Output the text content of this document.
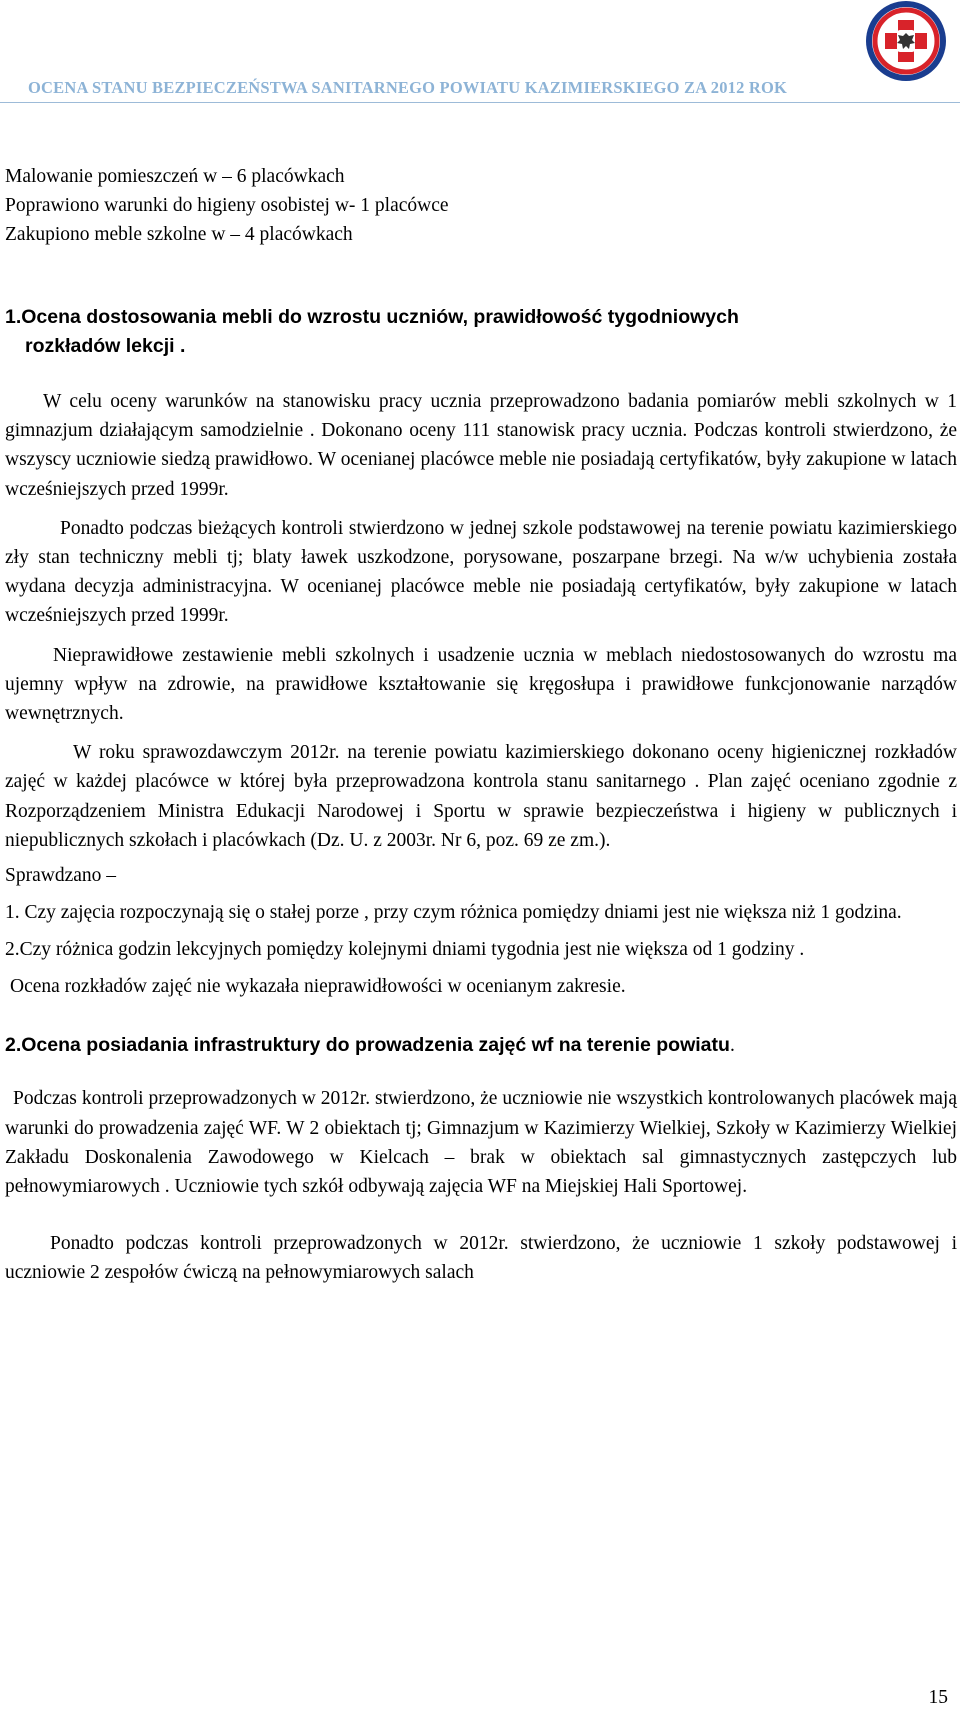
OCENA STANU BEZPIECZEŃSTWA SANITARNEGO POWIATU KAZIMIERSKIEGO ZA 2012 ROK

Malowanie pomieszczeń w – 6 placówkach

Poprawiono warunki do higieny osobistej w- 1 placówce

Zakupiono meble szkolne w – 4 placówkach

1.Ocena dostosowania mebli do wzrostu uczniów, prawidłowość tygodniowych

rozkładów lekcji .

W celu oceny warunków na stanowisku pracy ucznia przeprowadzono badania pomiarów mebli szkolnych w 1 gimnazjum działającym samodzielnie . Dokonano oceny 111 stanowisk pracy ucznia. Podczas kontroli stwierdzono, że wszyscy uczniowie siedzą prawidłowo. W ocenianej placówce meble nie posiadają certyfikatów, były zakupione w latach wcześniejszych przed 1999r.

Ponadto podczas bieżących kontroli stwierdzono w jednej szkole podstawowej na terenie powiatu kazimierskiego zły stan techniczny mebli tj; blaty ławek uszkodzone, porysowane, poszarpane brzegi. Na w/w uchybienia została wydana decyzja administracyjna. W ocenianej placówce meble nie posiadają certyfikatów, były zakupione w latach wcześniejszych przed 1999r.

Nieprawidłowe zestawienie mebli szkolnych i usadzenie ucznia w meblach niedostosowanych do wzrostu ma ujemny wpływ na zdrowie, na prawidłowe kształtowanie się kręgosłupa i prawidłowe funkcjonowanie narządów wewnętrznych.

W roku sprawozdawczym 2012r. na terenie powiatu kazimierskiego dokonano oceny higienicznej rozkładów zajęć w każdej placówce w której była przeprowadzona kontrola stanu sanitarnego . Plan zajęć oceniano zgodnie z Rozporządzeniem Ministra Edukacji Narodowej i Sportu w sprawie bezpieczeństwa i higieny w publicznych i niepublicznych szkołach i placówkach (Dz. U. z 2003r. Nr 6, poz. 69 ze zm.).

Sprawdzano –

1. Czy zajęcia rozpoczynają się o stałej porze , przy czym różnica pomiędzy dniami jest nie większa niż 1 godzina.

2.Czy różnica godzin lekcyjnych pomiędzy kolejnymi dniami tygodnia jest nie większa od 1 godziny .

Ocena rozkładów zajęć nie wykazała nieprawidłowości w ocenianym zakresie.

2.Ocena posiadania infrastruktury do prowadzenia zajęć wf na terenie powiatu.

Podczas kontroli przeprowadzonych w 2012r. stwierdzono, że uczniowie nie wszystkich kontrolowanych placówek mają warunki do prowadzenia zajęć WF. W 2 obiektach tj; Gimnazjum w Kazimierzy Wielkiej, Szkoły w Kazimierzy Wielkiej Zakładu Doskonalenia Zawodowego w Kielcach – brak w obiektach sal gimnastycznych zastępczych lub pełnowymiarowych . Uczniowie tych szkół odbywają zajęcia WF na Miejskiej Hali Sportowej.

Ponadto podczas kontroli przeprowadzonych w 2012r. stwierdzono, że uczniowie 1 szkoły podstawowej i uczniowie 2 zespołów ćwiczą na pełnowymiarowych salach

15
